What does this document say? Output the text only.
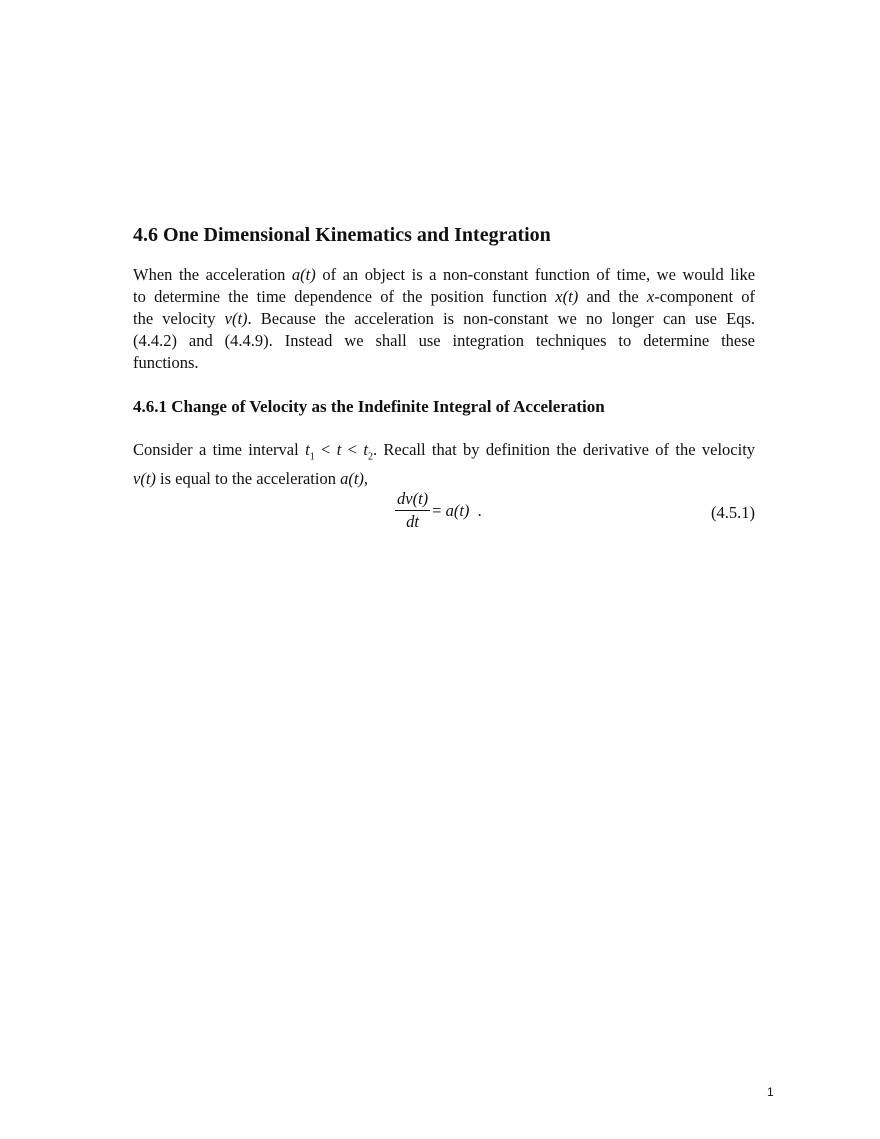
4.6 One Dimensional Kinematics and Integration
When the acceleration a(t) of an object is a non-constant function of time, we would like
to determine the time dependence of the position function x(t) and the x-component of
the velocity v(t). Because the acceleration is non-constant we no longer can use Eqs.
(4.4.2) and (4.4.9). Instead we shall use integration techniques to determine these
functions.
4.6.1 Change of Velocity as the Indefinite Integral of Acceleration
Consider a time interval $t_1 < t < t_2$. Recall that by definition the derivative of the velocity
v(t) is equal to the acceleration a(t),
$\frac{dv(t)}{dt} = a(t)$  .	(4.5.1)
1
